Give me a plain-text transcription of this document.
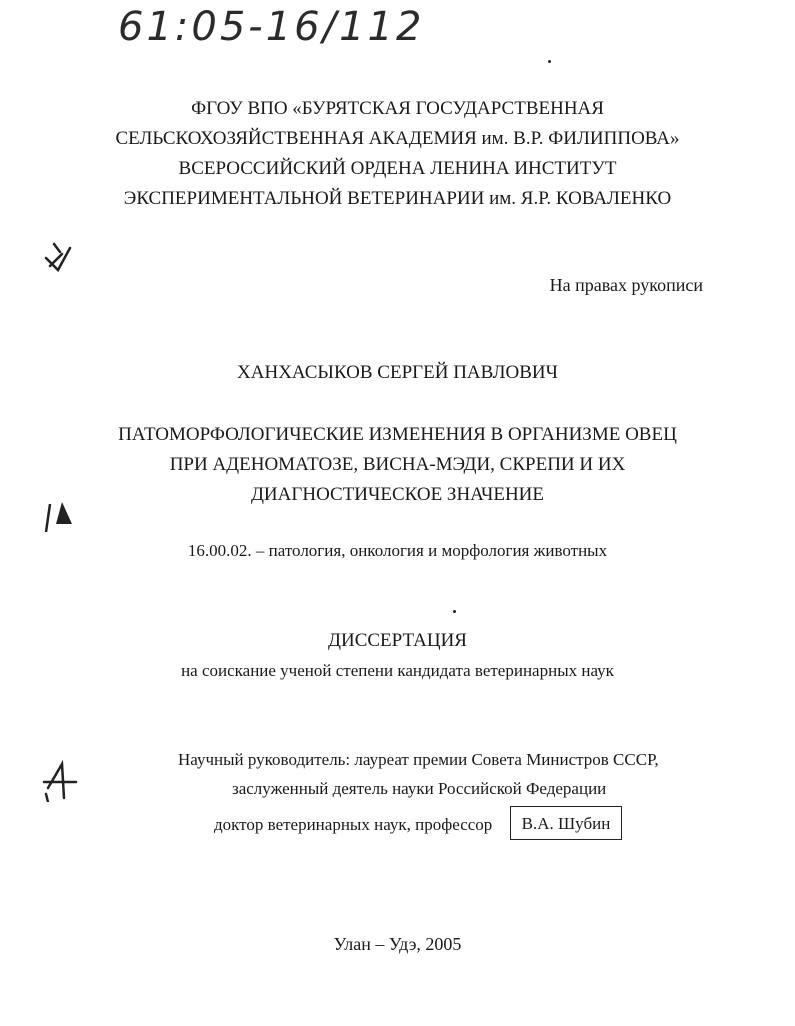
61:05-16/112
ФГОУ ВПО «БУРЯТСКАЯ ГОСУДАРСТВЕННАЯ
СЕЛЬСКОХОЗЯЙСТВЕННАЯ АКАДЕМИЯ им. В.Р. ФИЛИППОВА»
ВСЕРОССИЙСКИЙ ОРДЕНА ЛЕНИНА ИНСТИТУТ
ЭКСПЕРИМЕНТАЛЬНОЙ ВЕТЕРИНАРИИ им. Я.Р. КОВАЛЕНКО
На правах рукописи
ХАНХАСЫКОВ СЕРГЕЙ ПАВЛОВИЧ
ПАТОМОРФОЛОГИЧЕСКИЕ ИЗМЕНЕНИЯ В ОРГАНИЗМЕ ОВЕЦ
ПРИ АДЕНОМАТОЗЕ, ВИСНА-МЭДИ, СКРЕПИ И ИХ
ДИАГНОСТИЧЕСКОЕ ЗНАЧЕНИЕ
16.00.02. – патология, онкология и морфология животных
ДИССЕРТАЦИЯ
на соискание ученой степени кандидата ветеринарных наук
Научный руководитель: лауреат премии Совета Министров СССР,
заслуженный деятель науки Российской Федерации
доктор ветеринарных наук, профессор	В.А. Шубин
Улан – Удэ, 2005
